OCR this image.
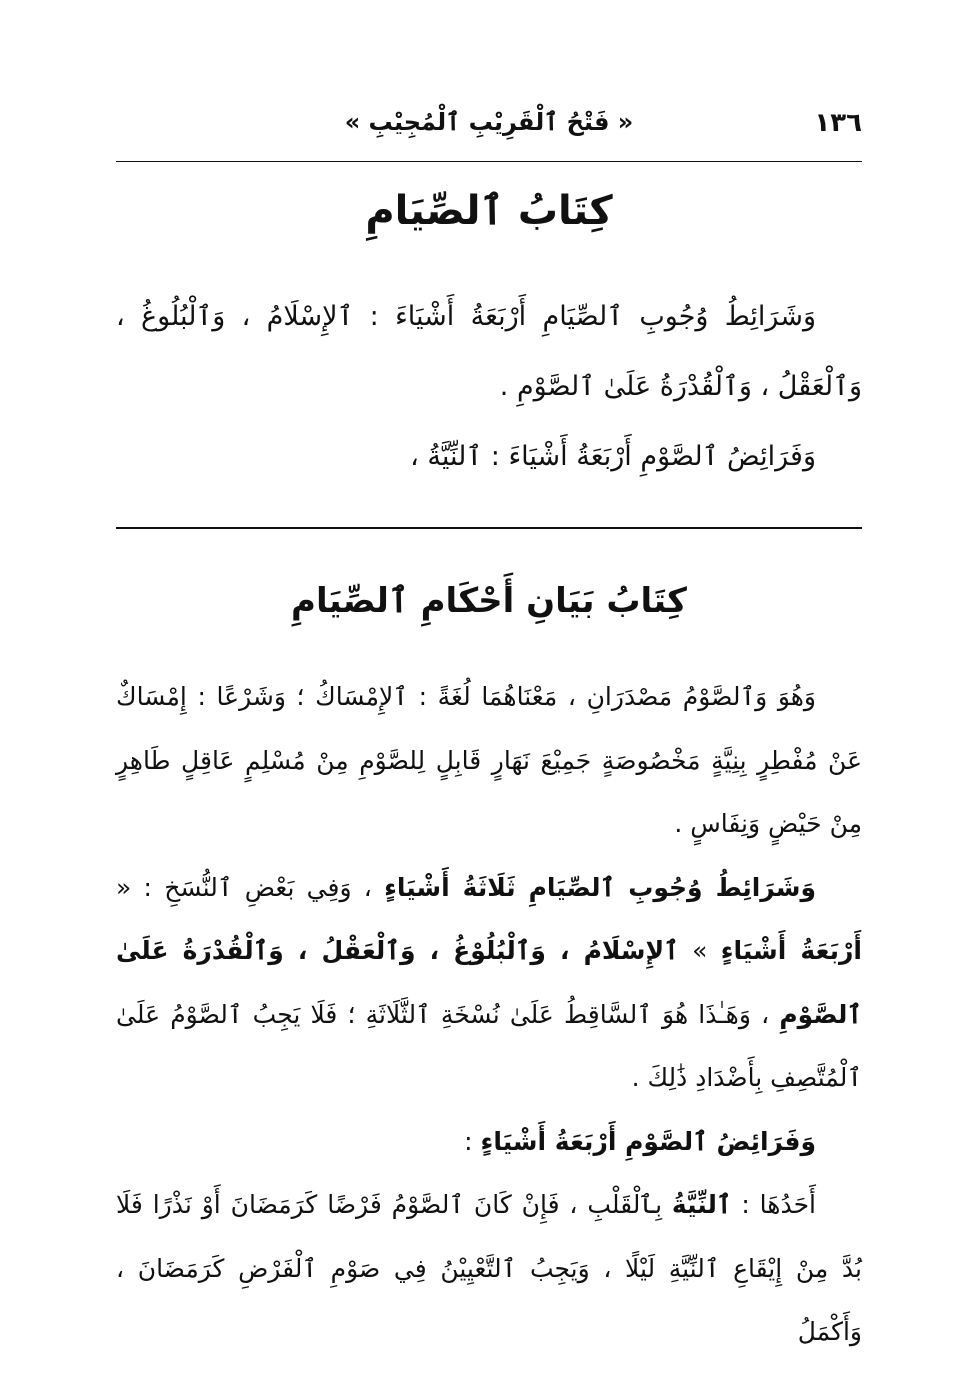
١٣٦
« فَتْحُ ٱلْقَرِيْبِ ٱلْمُجِيْبِ »
كِتَابُ ٱلصِّيَامِ

وَشَرَائِطُ وُجُوبِ ٱلصِّيَامِ أَرْبَعَةُ أَشْيَاءَ : ٱلإِسْلَامُ ، وَٱلْبُلُوغُ ، وَٱلْعَقْلُ ، وَٱلْقُدْرَةُ عَلَىٰ ٱلصَّوْمِ .

وَفَرَائِضُ ٱلصَّوْمِ أَرْبَعَةُ أَشْيَاءَ : ٱلنِّيَّةُ ،

كِتَابُ بَيَانِ أَحْكَامِ ٱلصِّيَامِ

وَهُوَ وَٱلصَّوْمُ مَصْدَرَانِ ، مَعْنَاهُمَا لُغَةً : ٱلإِمْسَاكُ ؛ وَشَرْعًا : إِمْسَاكٌ عَنْ مُفْطِرٍ بِنِيَّةٍ مَخْصُوصَةٍ جَمِيْعَ نَهَارٍ قَابِلٍ لِلصَّوْمِ مِنْ مُسْلِمٍ عَاقِلٍ طَاهِرٍ مِنْ حَيْضٍ وَنِفَاسٍ .

وَشَرَائِطُ وُجُوبِ ٱلصِّيَامِ ثَلَاثَةُ أَشْيَاءٍ ، وَفِي بَعْضِ ٱلنُّسَخِ : « أَرْبَعَةُ أَشْيَاءٍ » ٱلإِسْلَامُ ، وَٱلْبُلُوْغُ ، وَٱلْعَقْلُ ، وَٱلْقُدْرَةُ عَلَىٰ ٱلصَّوْمِ ، وَهَـٰذَا هُوَ ٱلسَّاقِطُ عَلَىٰ نُسْخَةِ ٱلثَّلَاثَةِ ؛ فَلَا يَجِبُ ٱلصَّوْمُ عَلَىٰ ٱلْمُتَّصِفِ بِأَضْدَادِ ذَٰلِكَ .

وَفَرَائِضُ ٱلصَّوْمِ أَرْبَعَةُ أَشْيَاءٍ :

أَحَدُهَا : ٱلنِّيَّةُ بِٱلْقَلْبِ ، فَإِنْ كَانَ ٱلصَّوْمُ فَرْضًا كَرَمَضَانَ أَوْ نَذْرًا فَلَا بُدَّ مِنْ إِيْقَاعِ ٱلنِّيَّةِ لَيْلًا ، وَيَجِبُ ٱلتَّعْيِيْنُ فِي صَوْمِ ٱلْفَرْضِ كَرَمَضَانَ ، وَأَكْمَلُ
